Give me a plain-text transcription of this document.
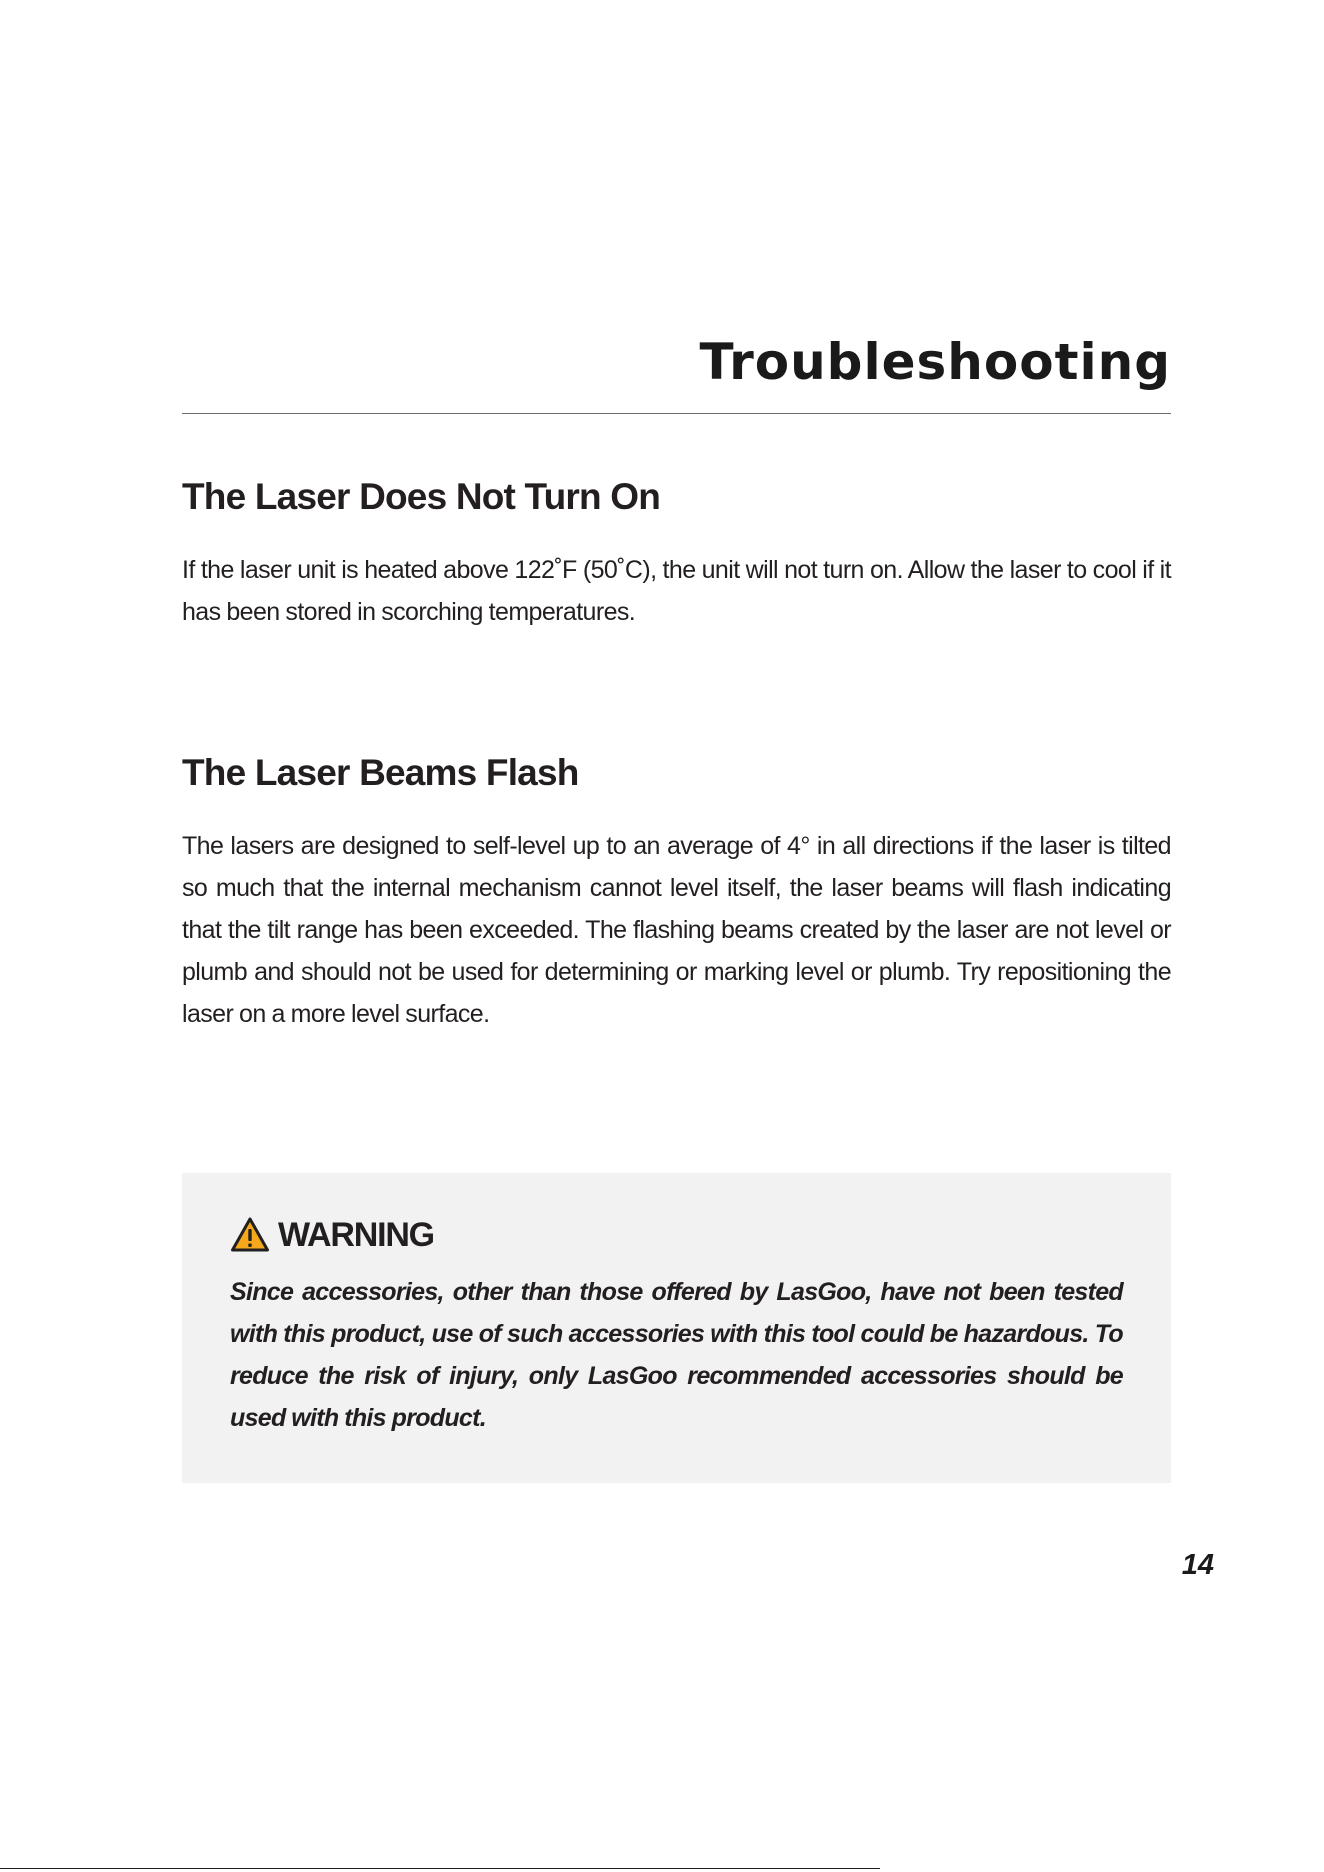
Troubleshooting
The Laser Does Not Turn On

If the laser unit is heated above 122˚F (50˚C), the unit will not turn on. Allow the laser to cool if it has been stored in scorching temperatures.

The Laser Beams Flash

The lasers are designed to self-level up to an average of 4° in all directions if the laser is tilted so much that the internal mechanism cannot level itself, the laser beams will flash indicating that the tilt range has been exceeded. The flashing beams created by the laser are not level or plumb and should not be used for determining or marking level or plumb. Try repositioning the laser on a more level surface.

WARNING

Since accessories, other than those offered by LasGoo, have not been tested with this product, use of such accessories with this tool could be hazardous. To reduce the risk of injury, only LasGoo recommended accessories should be used with this product.

14
